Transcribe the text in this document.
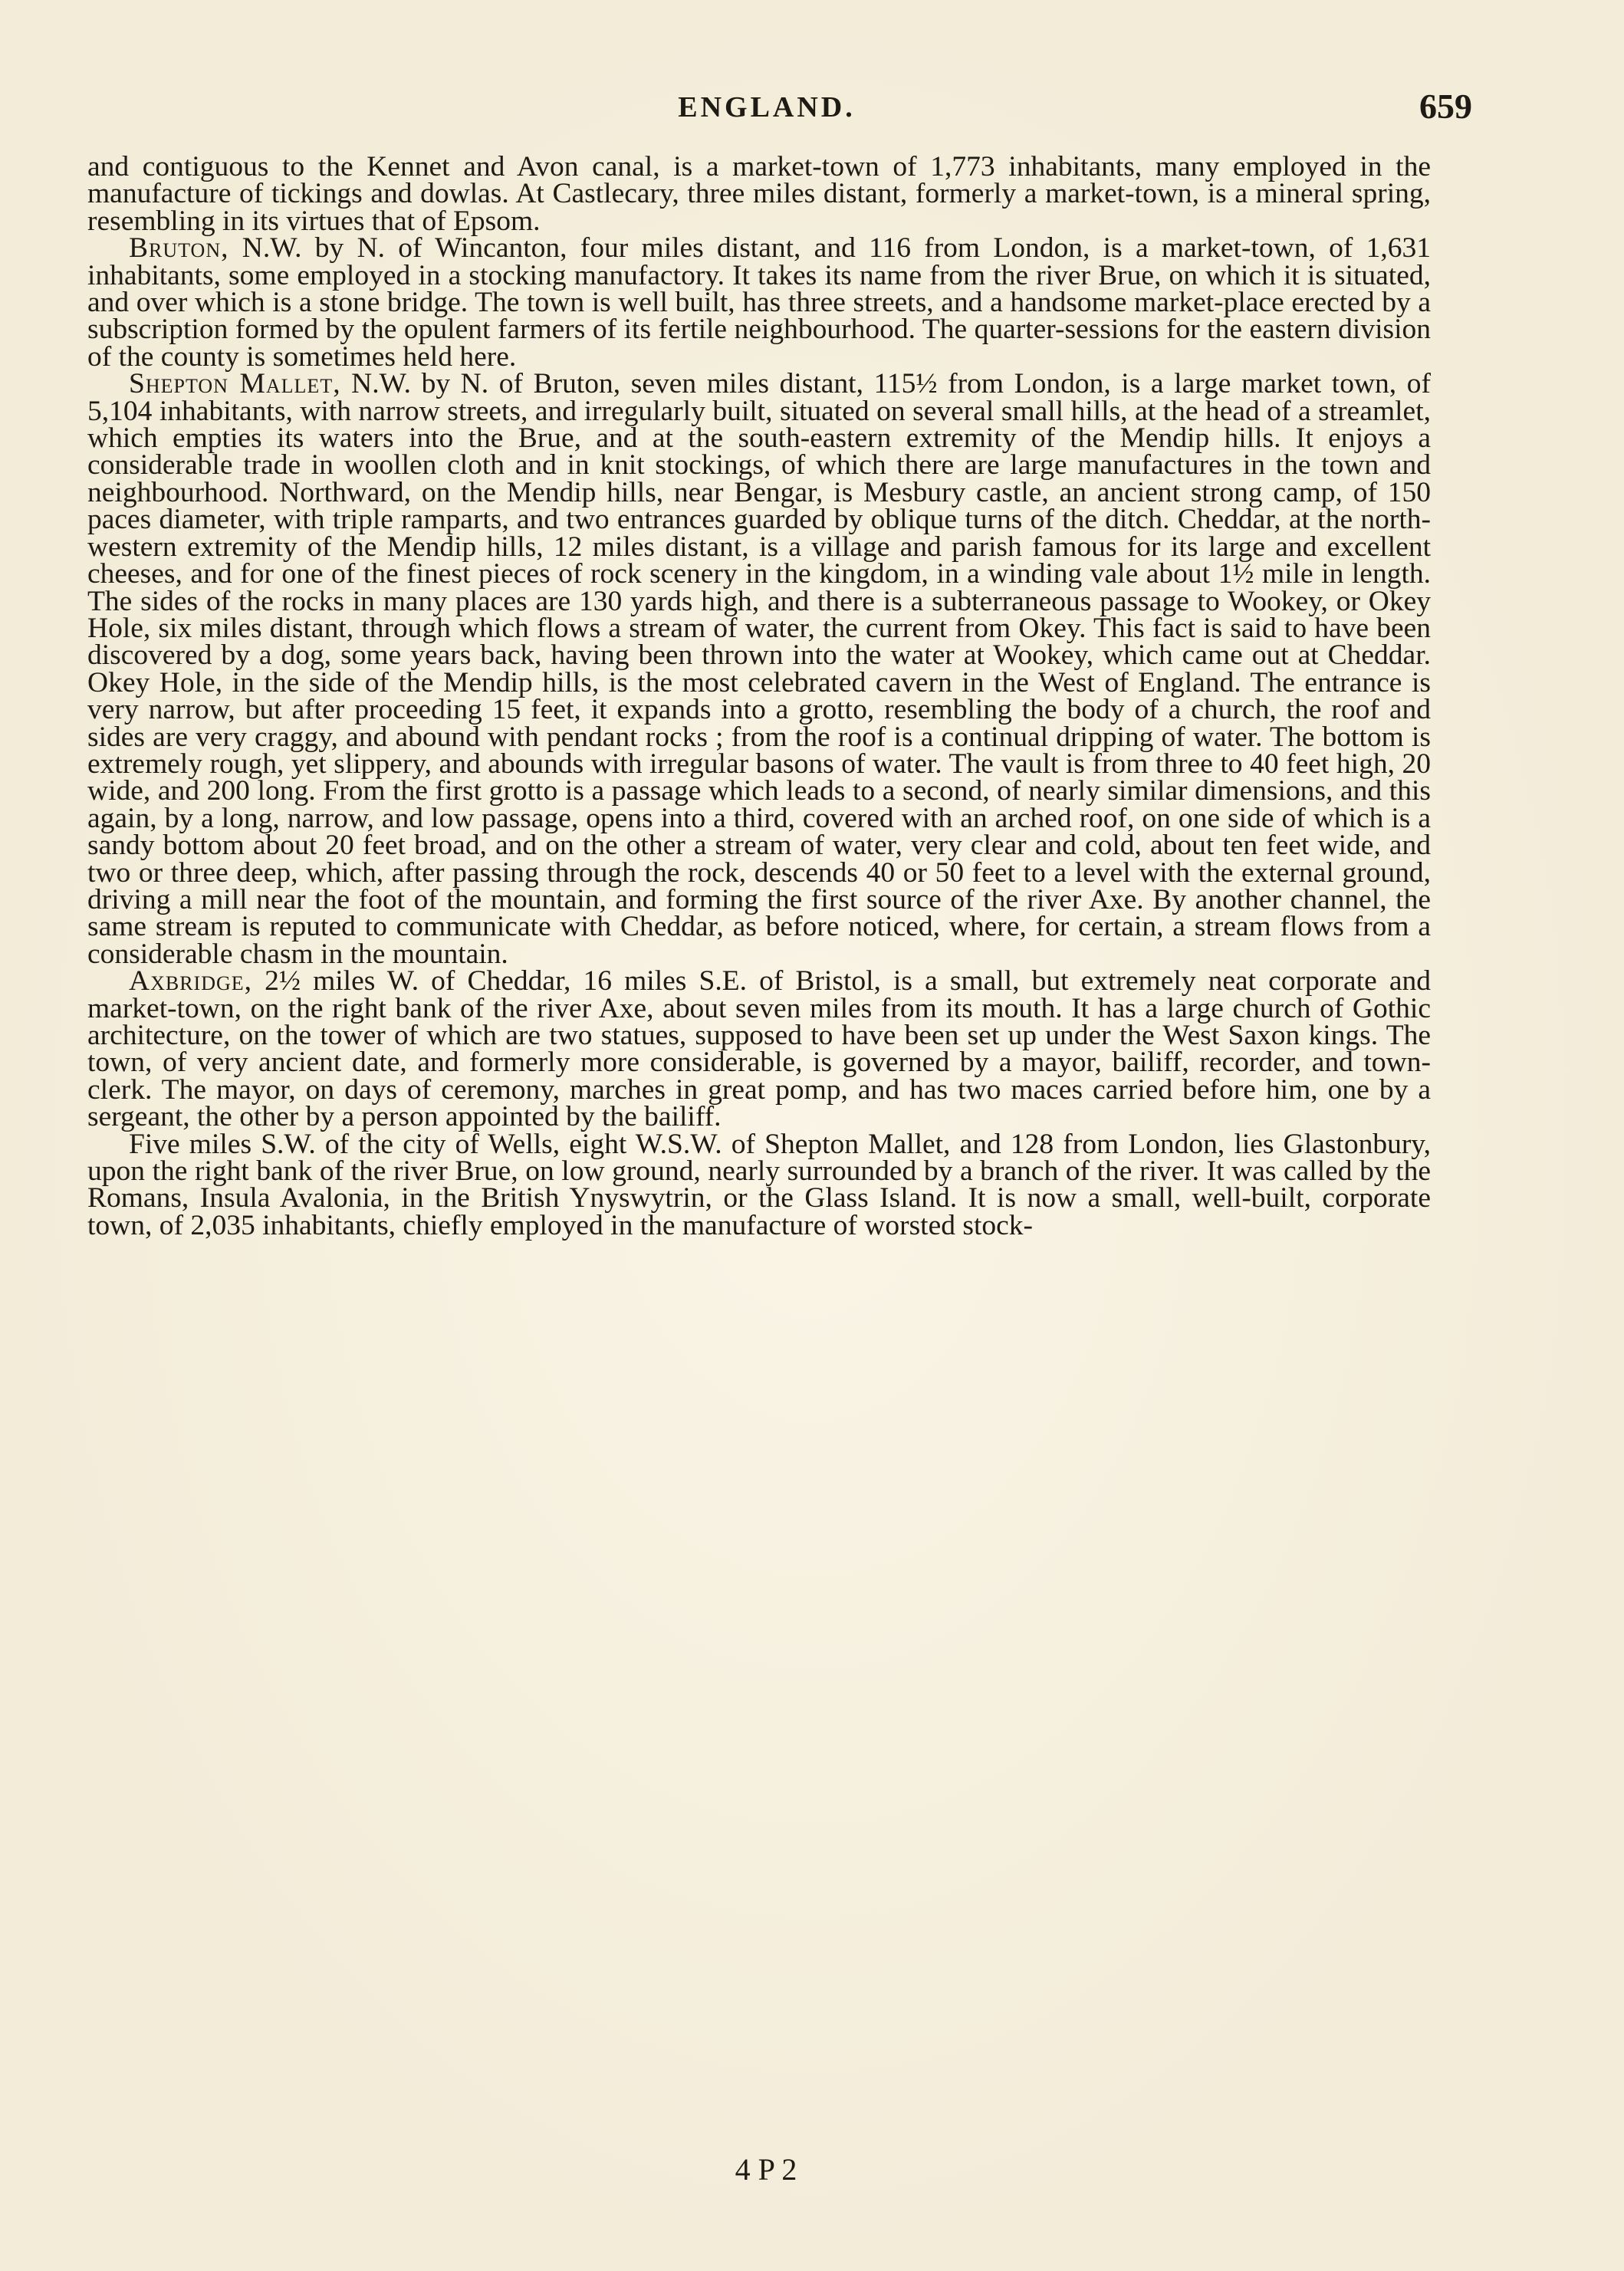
ENGLAND.	659

and contiguous to the Kennet and Avon canal, is a market-town of 1,773 inhabitants, many employed in the manufacture of tickings and dowlas. At Castlecary, three miles distant, formerly a market-town, is a mineral spring, resembling in its virtues that of Epsom.

Bruton, N.W. by N. of Wincanton, four miles distant, and 116 from London, is a market-town, of 1,631 inhabitants, some employed in a stocking manufactory. It takes its name from the river Brue, on which it is situated, and over which is a stone bridge. The town is well built, has three streets, and a handsome market-place erected by a subscription formed by the opulent farmers of its fertile neighbourhood. The quarter-sessions for the eastern division of the county is sometimes held here.

Shepton Mallet, N.W. by N. of Bruton, seven miles distant, 115½ from London, is a large market town, of 5,104 inhabitants, with narrow streets, and irregularly built, situated on several small hills, at the head of a streamlet, which empties its waters into the Brue, and at the south-eastern extremity of the Mendip hills. It enjoys a considerable trade in woollen cloth and in knit stockings, of which there are large manufactures in the town and neighbourhood. Northward, on the Mendip hills, near Bengar, is Mesbury castle, an ancient strong camp, of 150 paces diameter, with triple ramparts, and two entrances guarded by oblique turns of the ditch. Cheddar, at the north-western extremity of the Mendip hills, 12 miles distant, is a village and parish famous for its large and excellent cheeses, and for one of the finest pieces of rock scenery in the kingdom, in a winding vale about 1½ mile in length. The sides of the rocks in many places are 130 yards high, and there is a subterraneous passage to Wookey, or Okey Hole, six miles distant, through which flows a stream of water, the current from Okey. This fact is said to have been discovered by a dog, some years back, having been thrown into the water at Wookey, which came out at Cheddar. Okey Hole, in the side of the Mendip hills, is the most celebrated cavern in the West of England. The entrance is very narrow, but after proceeding 15 feet, it expands into a grotto, resembling the body of a church, the roof and sides are very craggy, and abound with pendant rocks ; from the roof is a continual dripping of water. The bottom is extremely rough, yet slippery, and abounds with irregular basons of water. The vault is from three to 40 feet high, 20 wide, and 200 long. From the first grotto is a passage which leads to a second, of nearly similar dimensions, and this again, by a long, narrow, and low passage, opens into a third, covered with an arched roof, on one side of which is a sandy bottom about 20 feet broad, and on the other a stream of water, very clear and cold, about ten feet wide, and two or three deep, which, after passing through the rock, descends 40 or 50 feet to a level with the external ground, driving a mill near the foot of the mountain, and forming the first source of the river Axe. By another channel, the same stream is reputed to communicate with Cheddar, as before noticed, where, for certain, a stream flows from a considerable chasm in the mountain.

Axbridge, 2½ miles W. of Cheddar, 16 miles S.E. of Bristol, is a small, but extremely neat corporate and market-town, on the right bank of the river Axe, about seven miles from its mouth. It has a large church of Gothic architecture, on the tower of which are two statues, supposed to have been set up under the West Saxon kings. The town, of very ancient date, and formerly more considerable, is governed by a mayor, bailiff, recorder, and town-clerk. The mayor, on days of ceremony, marches in great pomp, and has two maces carried before him, one by a sergeant, the other by a person appointed by the bailiff.

Five miles S.W. of the city of Wells, eight W.S.W. of Shepton Mallet, and 128 from London, lies Glastonbury, upon the right bank of the river Brue, on low ground, nearly surrounded by a branch of the river. It was called by the Romans, Insula Avalonia, in the British Ynyswytrin, or the Glass Island. It is now a small, well-built, corporate town, of 2,035 inhabitants, chiefly employed in the manufacture of worsted stock-

4 P 2
